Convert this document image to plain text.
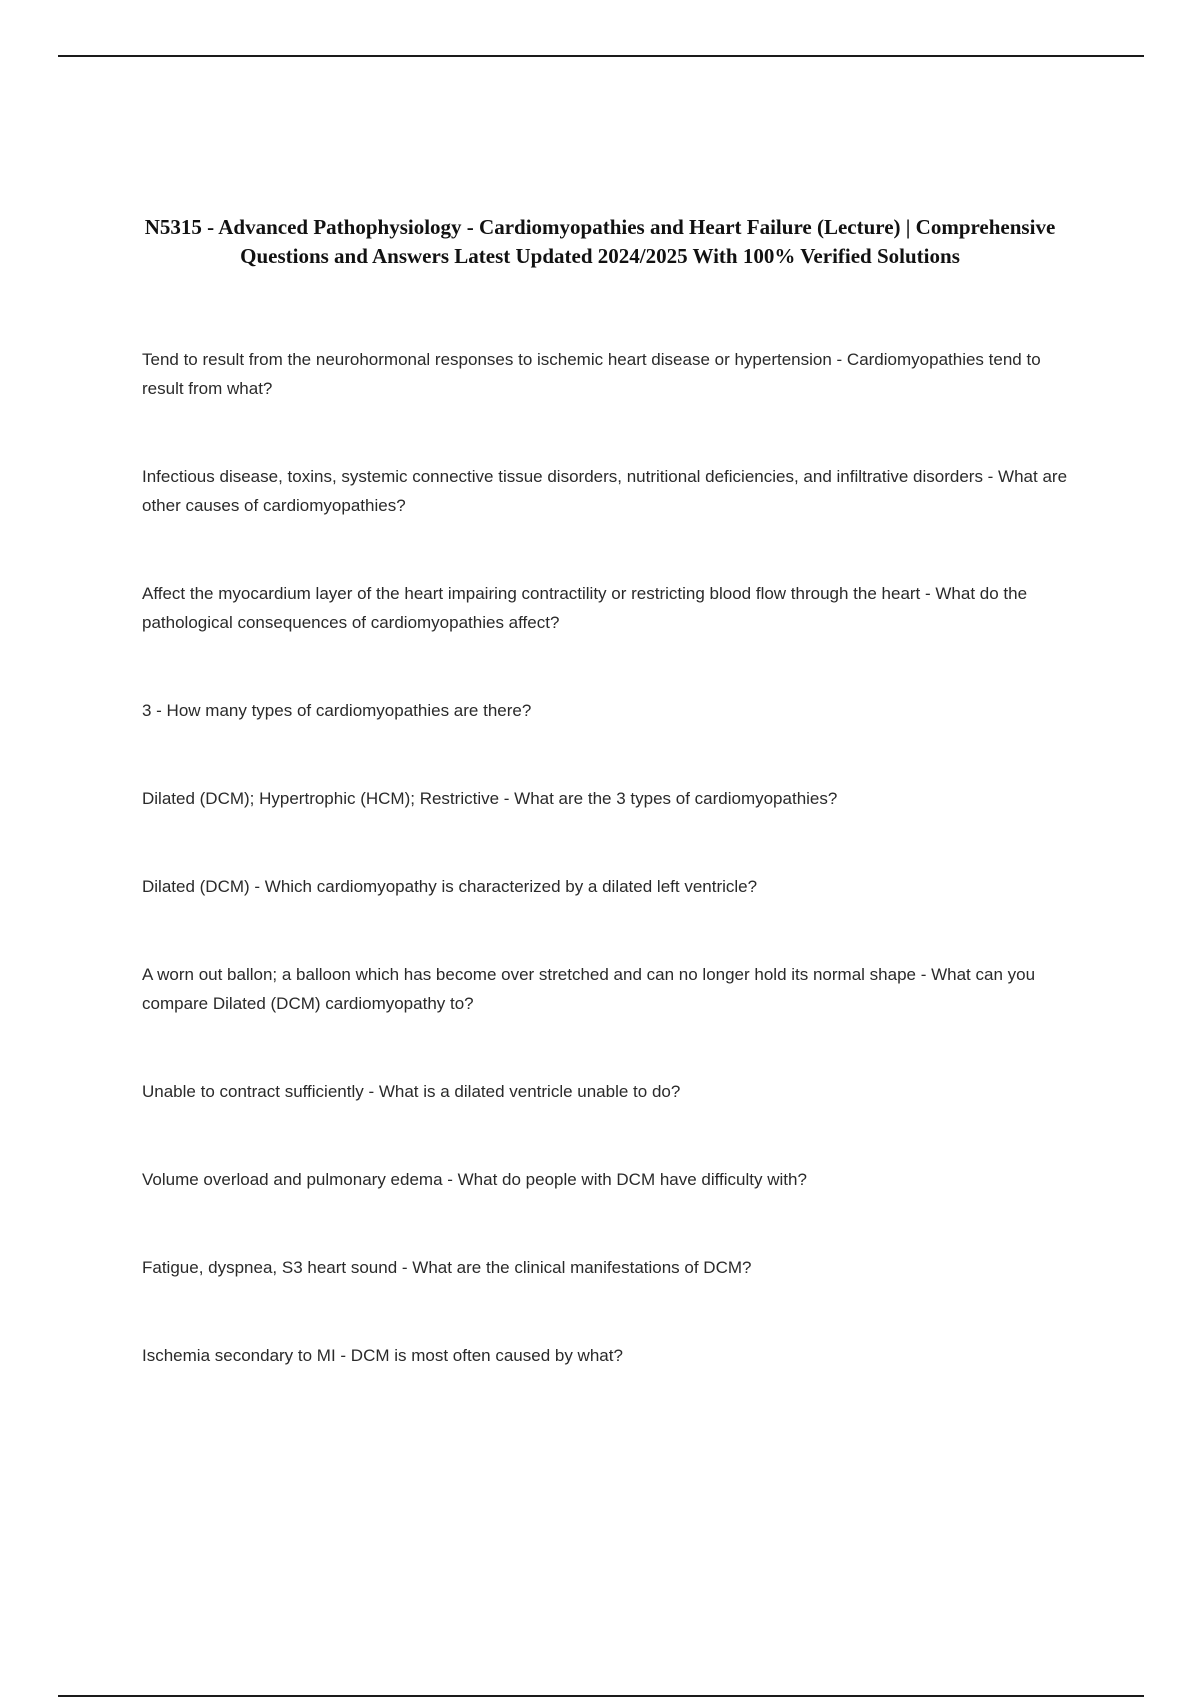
N5315 - Advanced Pathophysiology - Cardiomyopathies and Heart Failure (Lecture) | Comprehensive Questions and Answers Latest Updated 2024/2025 With 100% Verified Solutions

Tend to result from the neurohormonal responses to ischemic heart disease or hypertension - Cardiomyopathies tend to result from what?

Infectious disease, toxins, systemic connective tissue disorders, nutritional deficiencies, and infiltrative disorders - What are other causes of cardiomyopathies?

Affect the myocardium layer of the heart impairing contractility or restricting blood flow through the heart - What do the pathological consequences of cardiomyopathies affect?

3 - How many types of cardiomyopathies are there?

Dilated (DCM); Hypertrophic (HCM); Restrictive - What are the 3 types of cardiomyopathies?

Dilated (DCM) - Which cardiomyopathy is characterized by a dilated left ventricle?

A worn out ballon; a balloon which has become over stretched and can no longer hold its normal shape - What can you compare Dilated (DCM) cardiomyopathy to?

Unable to contract sufficiently - What is a dilated ventricle unable to do?

Volume overload and pulmonary edema - What do people with DCM have difficulty with?

Fatigue, dyspnea, S3 heart sound - What are the clinical manifestations of DCM?

Ischemia secondary to MI - DCM is most often caused by what?
